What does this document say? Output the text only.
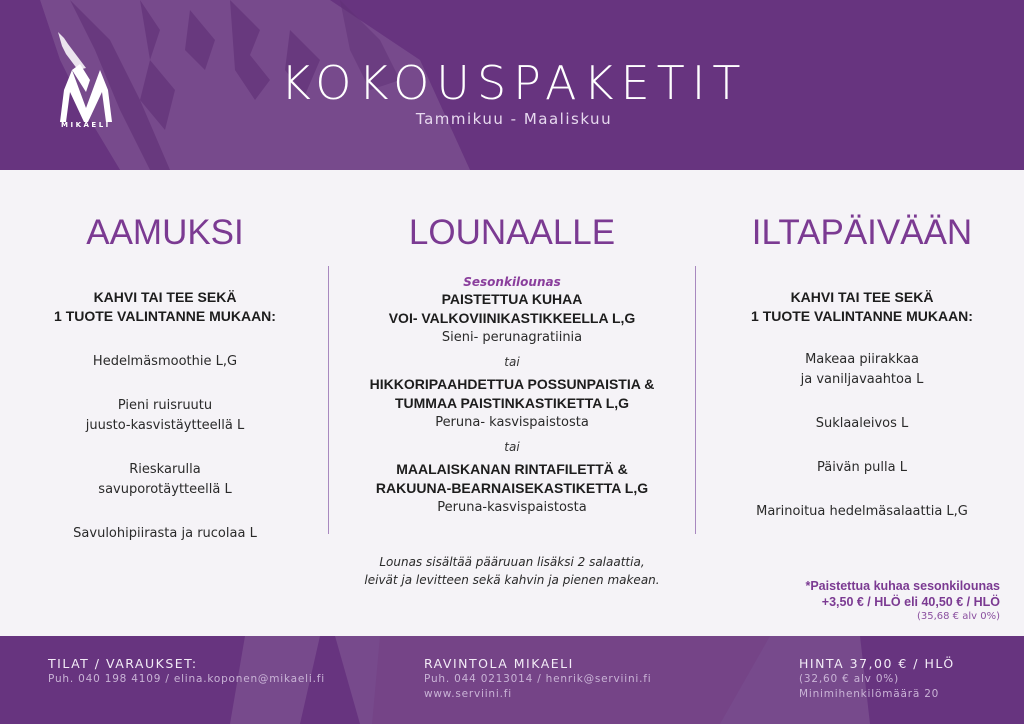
MIKAELI
KOKOUSPAKETIT
Tammikuu - Maaliskuu
AAMUKSI
KAHVI TAI TEE SEKÄ
1 TUOTE VALINTANNE MUKAAN:
Hedelmäsmoothie L,G
Pieni ruisruutu
juusto-kasvistäytteellä L
Rieskarulla
savuporotäytteellä L
Savulohipiirasta ja rucolaa L
LOUNAALLE
Sesonkilounas
PAISTETTUA KUHAA
VOI- VALKOVIINIKASTIKKEELLA L,G
Sieni- perunagratiinia
tai
HIKKORIPAAHDETTUA POSSUNPAISTIA &
TUMMAA PAISTINKASTIKETTA L,G
Peruna- kasvispaistosta
tai
MAALAISKANAN RINTAFILETTÄ &
RAKUUNA-BEARNAISEKASTIKETTA L,G
Peruna-kasvispaistosta
Lounas sisältää pääruuan lisäksi 2 salaattia,
leivät ja levitteen sekä kahvin ja pienen makean.
ILTAPÄIVÄÄN
KAHVI TAI TEE SEKÄ
1 TUOTE VALINTANNE MUKAAN:
Makeaa piirakkaa
ja vaniljavaahtoa L
Suklaaleivos L
Päivän pulla L
Marinoitua hedelmäsalaattia L,G
*Paistettua kuhaa sesonkilounas
+3,50 € / HLÖ eli 40,50 € / HLÖ
(35,68 € alv 0%)
TILAT / VARAUKSET:
Puh. 040 198 4109 / elina.koponen@mikaeli.fi
RAVINTOLA MIKAELI
Puh. 044 0213014 / henrik@serviini.fi
www.serviini.fi
HINTA 37,00 € / HLÖ
(32,60 € alv 0%)
Minimihenkilömäärä 20
